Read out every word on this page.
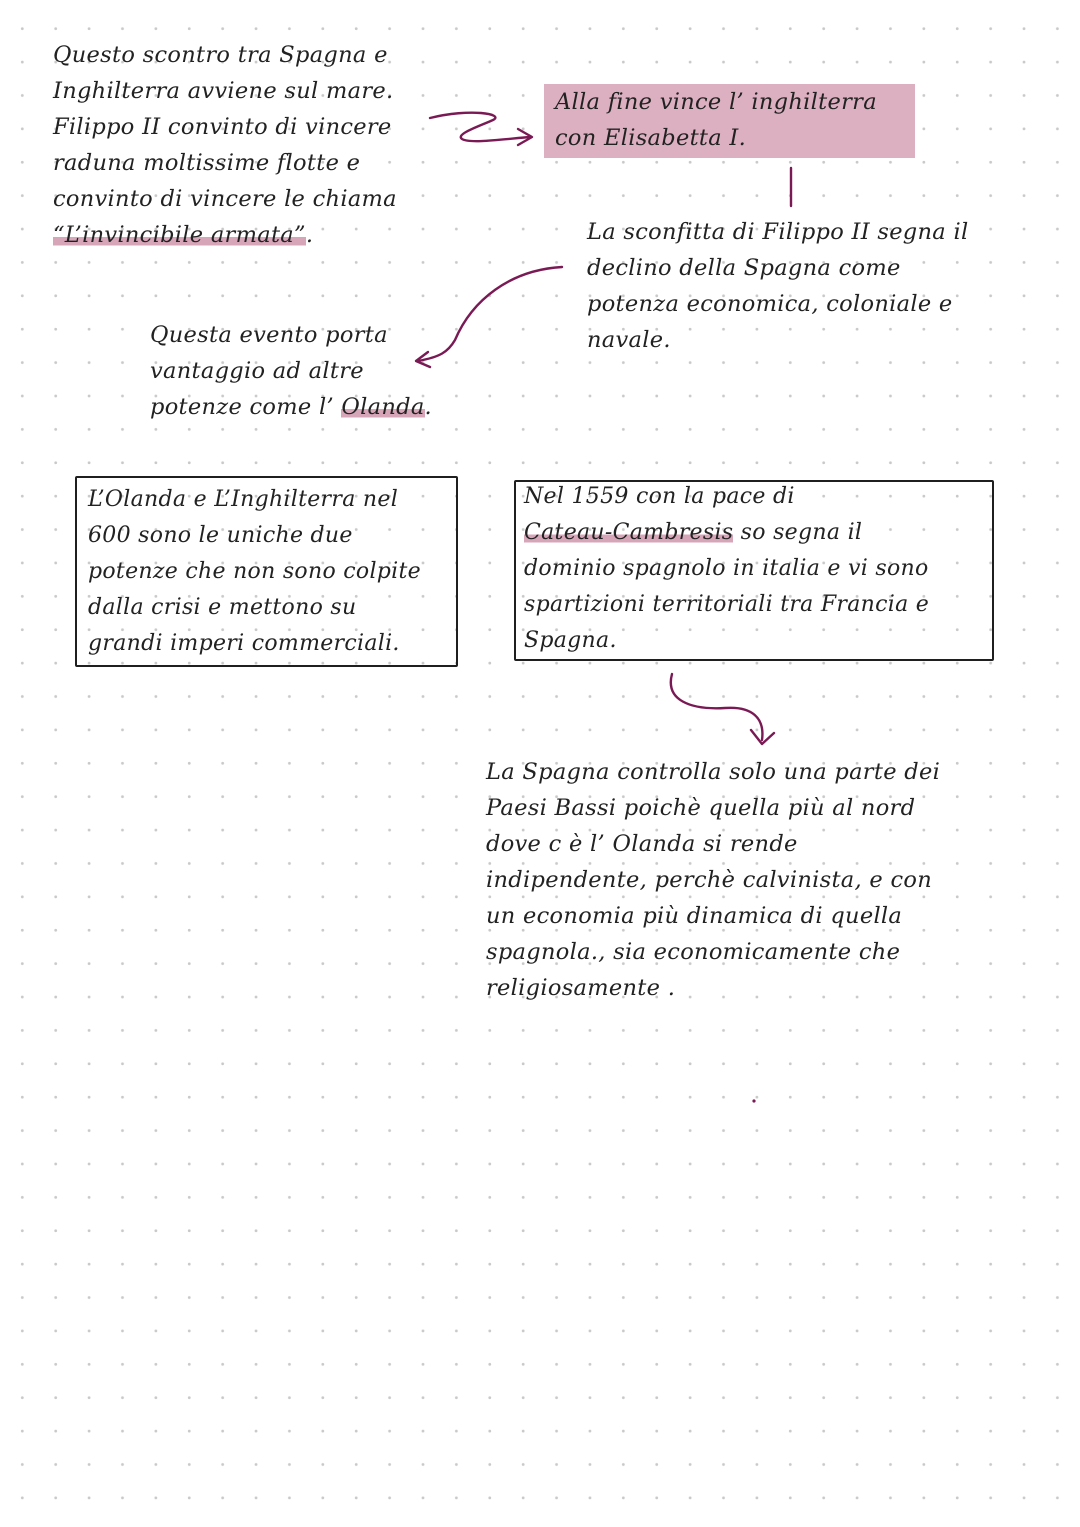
Questo scontro tra Spagna e
Inghilterra avviene sul mare.
Filippo II convinto di vincere
raduna moltissime flotte e
convinto di vincere le chiama
“L’invincibile armata”.
Alla fine vince l’ inghilterra
con Elisabetta I.
La sconfitta di Filippo II segna il
declino della Spagna come
potenza economica, coloniale e
navale.
Questa evento porta
vantaggio ad altre
potenze come l’ Olanda.
L’Olanda e L’Inghilterra nel
600 sono le uniche due
potenze che non sono colpite
dalla crisi e mettono su
grandi imperi commerciali.
Nel 1559 con la pace di
Cateau-Cambresis so segna il
dominio spagnolo in italia e vi sono
spartizioni territoriali tra Francia e
Spagna.
La Spagna controlla solo una parte dei
Paesi Bassi poichè quella più al nord
dove c è l’ Olanda si rende
indipendente, perchè calvinista, e con
un economia più dinamica di quella
spagnola., sia economicamente che
religiosamente .
